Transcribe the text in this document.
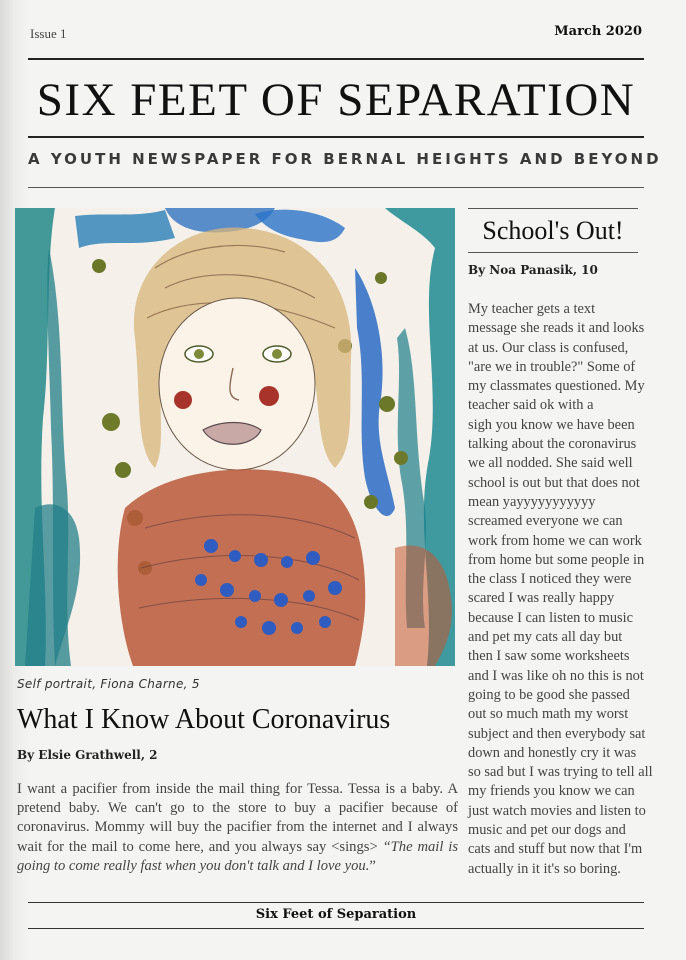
Issue 1	March 2020
SIX FEET OF SEPARATION
A YOUTH NEWSPAPER FOR BERNAL HEIGHTS AND BEYOND
Self portrait, Fiona Charne, 5
What I Know About Coronavirus
By Elsie Grathwell, 2
I want a pacifier from inside the mail thing for Tessa. Tessa is a baby. A pretend baby. We can't go to the store to buy a pacifier because of coronavirus. Mommy will buy the pacifier from the internet and I always wait for the mail to come here, and you always say <sings> “The mail is going to come really fast when you don't talk and I love you.”
School's Out!
By Noa Panasik, 10
My teacher gets a text
message she reads it and looks
at us. Our class is confused,
"are we in trouble?" Some of
my classmates questioned. My
teacher said ok with a
sigh you know we have been
talking about the coronavirus
we all nodded. She said well
school is out but that does not
mean yayyyyyyyyyyy
screamed everyone we can
work from home we can work
from home but some people in
the class I noticed they were
scared I was really happy
because I can listen to music
and pet my cats all day but
then I saw some worksheets
and I was like oh no this is not
going to be good she passed
out so much math my worst
subject and then everybody sat
down and honestly cry it was
so sad but I was trying to tell all
my friends you know we can
just watch movies and listen to
music and pet our dogs and
cats and stuff but now that I'm
actually in it it's so boring.
Six Feet of Separation
